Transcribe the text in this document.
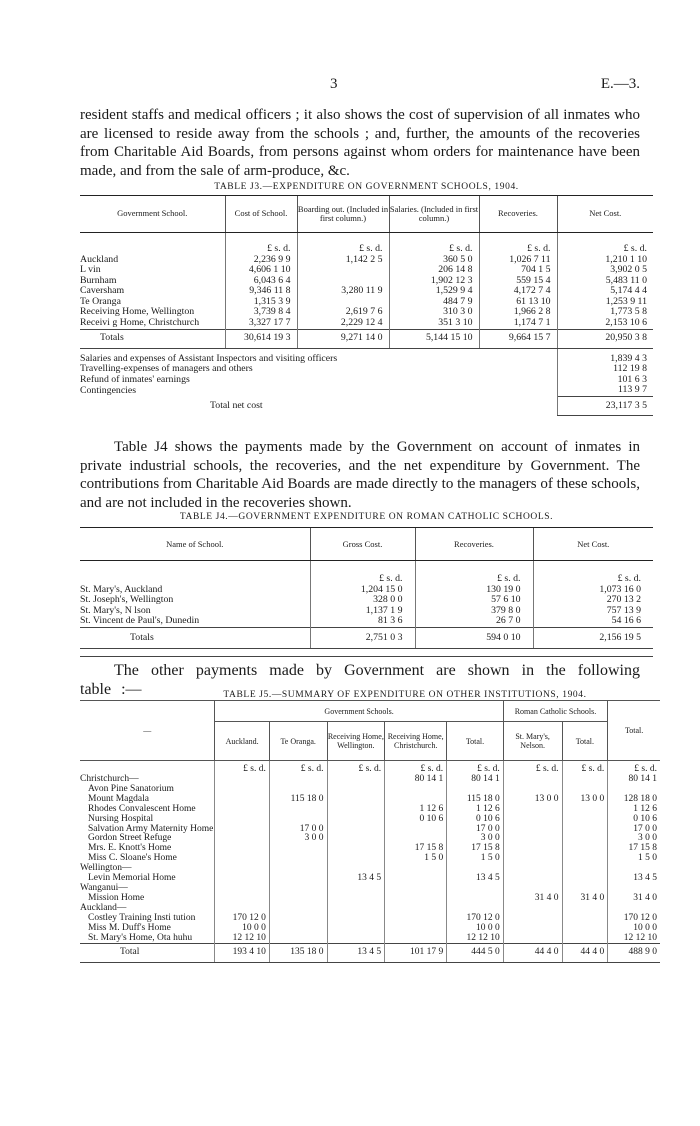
3	E.—3.

resident staffs and medical officers ; it also shows the cost of supervision of all inmates who are licensed to reside away from the schools ; and, further, the amounts of the recoveries from Charitable Aid Boards, from persons against whom orders for maintenance have been made, and from the sale of arm-produce, &c.

TABLE J3.—EXPENDITURE ON GOVERNMENT SCHOOLS, 1904.
Government School.	Cost of School.	Boarding out. (Included in first column.)	Salaries. (Included in first column.)	Recoveries.	Net Cost.
	£ s. d.	£ s. d.	£ s. d.	£ s. d.	£ s. d.
Auckland	2,236 9 9	1,142 2 5	360 5 0	1,026 7 11	1,210 1 10
L vin	4,606 1 10		206 14 8	704 1 5	3,902 0 5
Burnham	6,043 6 4		1,902 12 3	559 15 4	5,483 11 0
Caversham	9,346 11 8	3,280 11 9	1,529 9 4	4,172 7 4	5,174 4 4
Te Oranga	1,315 3 9		484 7 9	61 13 10	1,253 9 11
Receiving Home, Wellington	3,739 8 4	2,619 7 6	310 3 0	1,966 2 8	1,773 5 8
Receivi g Home, Christchurch	3,327 17 7	2,229 12 4	351 3 10	1,174 7 1	2,153 10 6
Totals	30,614 19 3	9,271 14 0	5,144 15 10	9,664 15 7	20,950 3 8
Salaries and expenses of Assistant Inspectors and visiting officers					1,839 4 3
Travelling-expenses of managers and others					112 19 8
Refund of inmates' earnings					101 6 3
Contingencies					113 9 7
Total net cost					23,117 3 5

Table J4 shows the payments made by the Government on account of inmates in private industrial schools, the recoveries, and the net expenditure by Government. The contributions from Charitable Aid Boards are made directly to the managers of these schools, and are not included in the recoveries shown.

TABLE J4.—GOVERNMENT EXPENDITURE ON ROMAN CATHOLIC SCHOOLS.
Name of School.	Gross Cost.	Recoveries.	Net Cost.
	£ s. d.	£ s. d.	£ s. d.
St. Mary's, Auckland	1,204 15 0	130 19 0	1,073 16 0
St. Joseph's, Wellington	328 0 0	57 6 10	270 13 2
St. Mary's, N lson	1,137 1 9	379 8 0	757 13 9
St. Vincent de Paul's, Dunedin	81 3 6	26 7 0	54 16 6
Totals	2,751 0 3	594 0 10	2,156 19 5

The other payments made by Government are shown in the following table :—	TABLE J5.—SUMMARY OF EXPENDITURE ON OTHER INSTITUTIONS, 1904.
—	Government Schools.					Roman Catholic Schools.		Total.
	Auckland.	Te Oranga.	Receiving Home, Wellington.	Receiving Home, Christchurch.	Total.	St. Mary's, Nelson.	Total.	
	£ s. d.	£ s. d.	£ s. d.	£ s. d.	£ s. d.	£ s. d.	£ s. d.	£ s. d.
Christchurch—				80 14 1	80 14 1			80 14 1
Avon Pine Sanatorium								
Mount Magdala		115 18 0			115 18 0	13 0 0	13 0 0	128 18 0
Rhodes Convalescent Home				1 12 6	1 12 6			1 12 6
Nursing Hospital				0 10 6	0 10 6			0 10 6
Salvation Army Maternity Home		17 0 0			17 0 0			17 0 0
Gordon Street Refuge		3 0 0			3 0 0			3 0 0
Mrs. E. Knott's Home				17 15 8	17 15 8			17 15 8
Miss C. Sloane's Home				1 5 0	1 5 0			1 5 0
Wellington—								
Levin Memorial Home			13 4 5		13 4 5			13 4 5
Wanganui—								
Mission Home						31 4 0	31 4 0	31 4 0
Auckland—								
Costley Training Insti tution	170 12 0				170 12 0			170 12 0
Miss M. Duff's Home	10 0 0				10 0 0			10 0 0
St. Mary's Home, Ota huhu	12 12 10				12 12 10			12 12 10
Total	193 4 10	135 18 0	13 4 5	101 17 9	444 5 0	44 4 0	44 4 0	488 9 0
